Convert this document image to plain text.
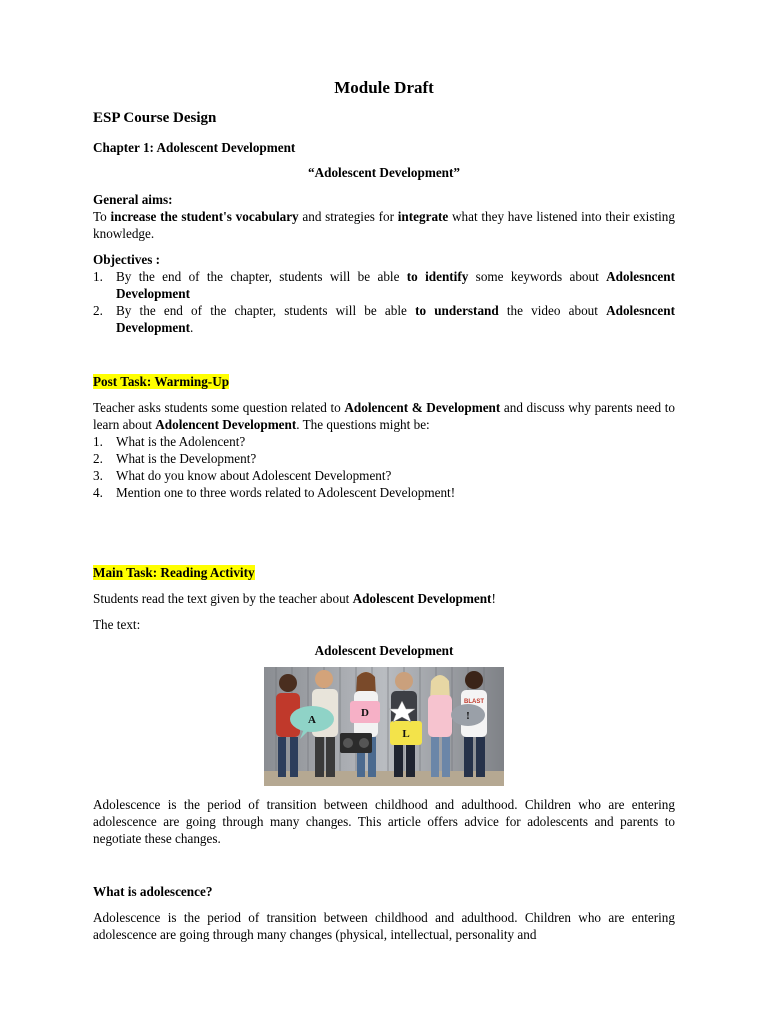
Module Draft
ESP Course Design
Chapter 1: Adolescent Development
“Adolescent Development”
General aims:
To increase the student's vocabulary and strategies for integrate what they have listened into their existing knowledge.
Objectives :
1. By the end of the chapter, students will be able to identify some keywords about Adolesncent Development
2. By the end of the chapter, students will be able to understand the video about Adolesncent Development.
Post Task: Warming-Up
Teacher asks students some question related to Adolencent & Development and discuss why parents need to learn about Adolencent Development. The questions might be:
1. What is the Adolencent?
2. What is the Development?
3. What do you know about Adolescent Development?
4. Mention one to three words related to Adolescent Development!
Main Task: Reading Activity
Students read the text given by the teacher about Adolescent Development!
The text:
Adolescent Development
BLAST
A
D
L
!
Adolescence is the period of transition between childhood and adulthood. Children who are entering adolescence are going through many changes. This article offers advice for adolescents and parents to negotiate these changes.
What is adolescence?
Adolescence is the period of transition between childhood and adulthood. Children who are entering adolescence are going through many changes (physical, intellectual, personality and
